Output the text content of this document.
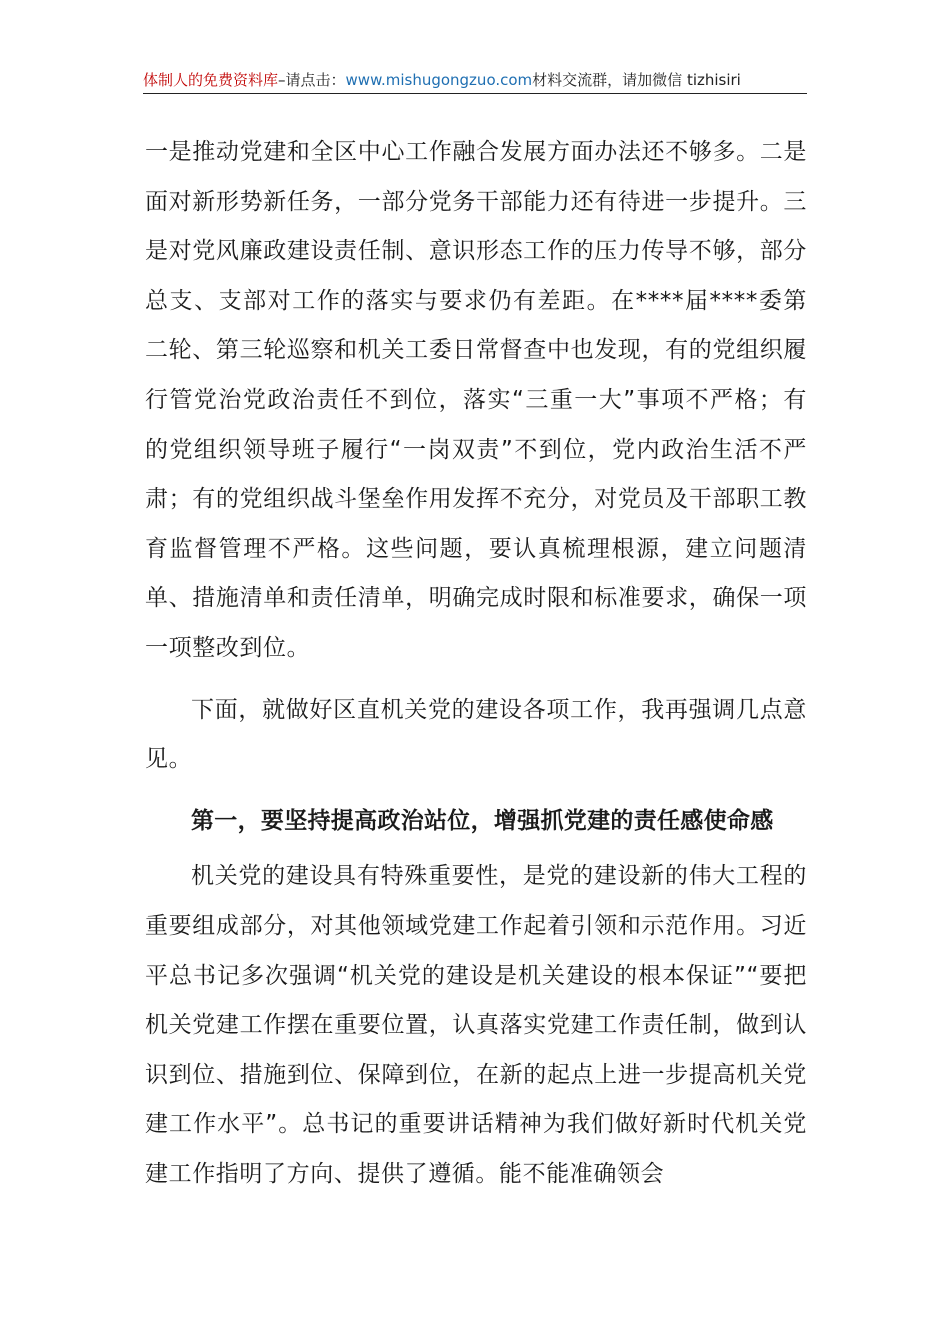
体制人的免费资料库–请点击：www.mishugongzuo.com材料交流群，请加微信 tizhisiri

一是推动党建和全区中心工作融合发展方面办法还不够多。二是面对新形势新任务，一部分党务干部能力还有待进一步提升。三是对党风廉政建设责任制、意识形态工作的压力传导不够，部分总支、支部对工作的落实与要求仍有差距。在****届****委第二轮、第三轮巡察和机关工委日常督查中也发现，有的党组织履行管党治党政治责任不到位，落实“三重一大”事项不严格；有的党组织领导班子履行“一岗双责”不到位，党内政治生活不严肃；有的党组织战斗堡垒作用发挥不充分，对党员及干部职工教育监督管理不严格。这些问题，要认真梳理根源，建立问题清单、措施清单和责任清单，明确完成时限和标准要求，确保一项一项整改到位。

下面，就做好区直机关党的建设各项工作，我再强调几点意见。

第一，要坚持提高政治站位，增强抓党建的责任感使命感

机关党的建设具有特殊重要性，是党的建设新的伟大工程的重要组成部分，对其他领域党建工作起着引领和示范作用。习近平总书记多次强调“机关党的建设是机关建设的根本保证”“要把机关党建工作摆在重要位置，认真落实党建工作责任制，做到认识到位、措施到位、保障到位，在新的起点上进一步提高机关党建工作水平”。总书记的重要讲话精神为我们做好新时代机关党建工作指明了方向、提供了遵循。能不能准确领会
